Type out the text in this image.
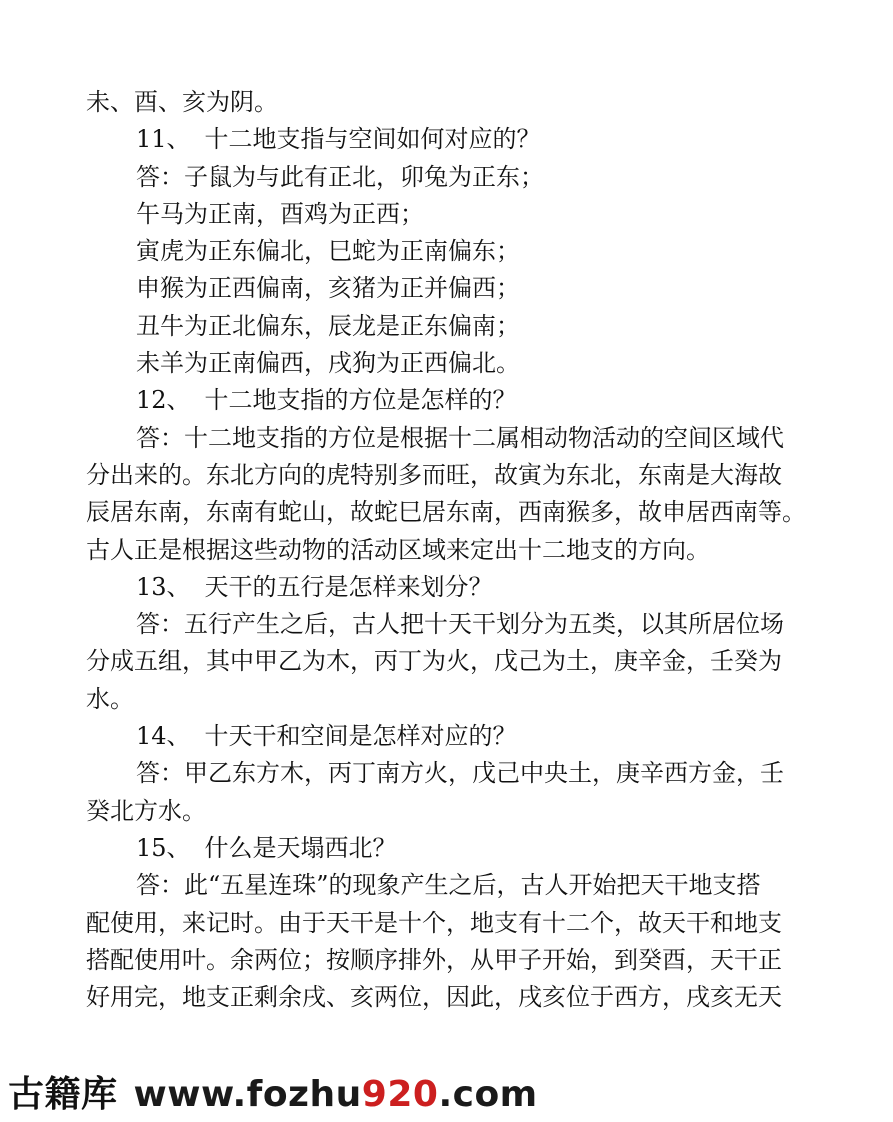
未、酉、亥为阴。

11、 十二地支指与空间如何对应的？

答：子鼠为与此有正北，卯兔为正东；

午马为正南，酉鸡为正西；

寅虎为正东偏北，巳蛇为正南偏东；

申猴为正西偏南，亥猪为正并偏西；

丑牛为正北偏东，辰龙是正东偏南；

未羊为正南偏西，戌狗为正西偏北。

12、 十二地支指的方位是怎样的？

答：十二地支指的方位是根据十二属相动物活动的空间区域代

分出来的。东北方向的虎特别多而旺，故寅为东北，东南是大海故

辰居东南，东南有蛇山，故蛇巳居东南，西南猴多，故申居西南等。

古人正是根据这些动物的活动区域来定出十二地支的方向。

13、 天干的五行是怎样来划分？

答：五行产生之后，古人把十天干划分为五类，以其所居位场

分成五组，其中甲乙为木，丙丁为火，戊己为土，庚辛金，壬癸为

水。

14、 十天干和空间是怎样对应的？

答：甲乙东方木，丙丁南方火，戊己中央土，庚辛西方金，壬

癸北方水。

15、 什么是天塌西北？

答：此“五星连珠”的现象产生之后，古人开始把天干地支搭

配使用，来记时。由于天干是十个，地支有十二个，故天干和地支

搭配使用叶。余两位；按顺序排外，从甲子开始，到癸酉，天干正

好用完，地支正剩余戌、亥两位，因此，戌亥位于西方，戌亥无天

古籍库 www.fozhu920.com
